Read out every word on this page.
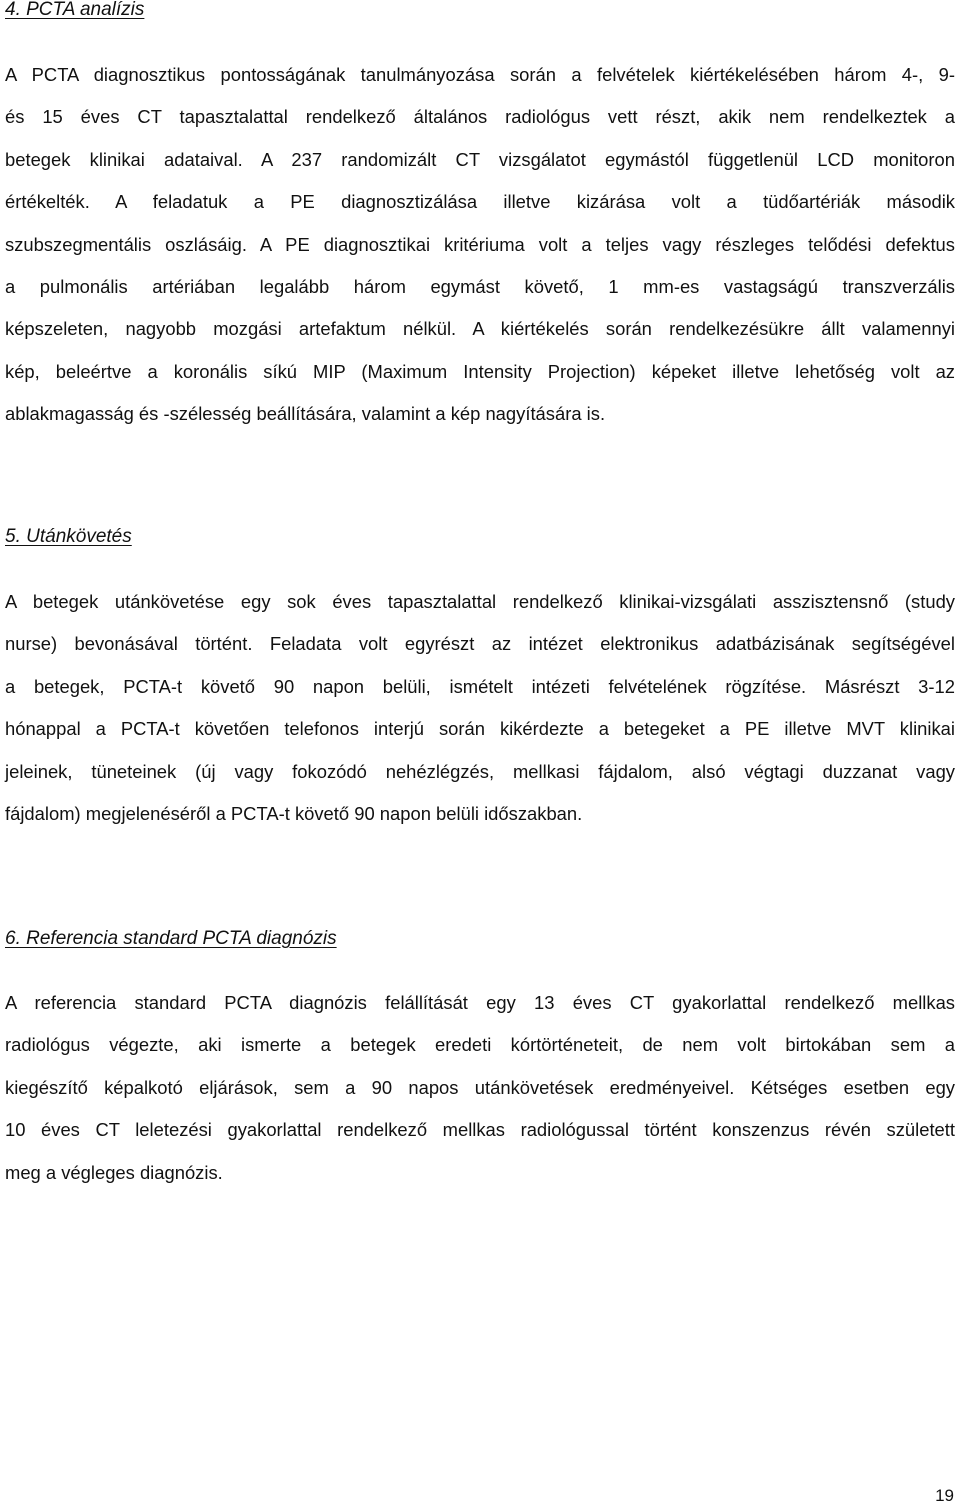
4. PCTA analízis
A PCTA diagnosztikus pontosságának tanulmányozása során a felvételek kiértékelésében három 4-, 9-
és 15 éves CT tapasztalattal rendelkező általános radiológus vett részt, akik nem rendelkeztek a
betegek klinikai adataival. A 237 randomizált CT vizsgálatot egymástól függetlenül LCD monitoron
értékelték. A feladatuk a PE diagnosztizálása illetve kizárása volt a tüdőartériák második
szubszegmentális oszlásáig. A PE diagnosztikai kritériuma volt a teljes vagy részleges telődési defektus
a pulmonális artériában legalább három egymást követő, 1 mm-es vastagságú transzverzális
képszeleten, nagyobb mozgási artefaktum nélkül. A kiértékelés során rendelkezésükre állt valamennyi
kép, beleértve a koronális síkú MIP (Maximum Intensity Projection) képeket illetve lehetőség volt az
ablakmagasság és -szélesség beállítására, valamint a kép nagyítására is.
5. Utánkövetés
A betegek utánkövetése egy sok éves tapasztalattal rendelkező klinikai-vizsgálati asszisztensnő (study
nurse) bevonásával történt. Feladata volt egyrészt az intézet elektronikus adatbázisának segítségével
a betegek, PCTA-t követő 90 napon belüli, ismételt intézeti felvételének rögzítése. Másrészt 3-12
hónappal a PCTA-t követően telefonos interjú során kikérdezte a betegeket a PE illetve MVT klinikai
jeleinek, tüneteinek (új vagy fokozódó nehézlégzés, mellkasi fájdalom, alsó végtagi duzzanat vagy
fájdalom) megjelenéséről a PCTA-t követő 90 napon belüli időszakban.
6. Referencia standard PCTA diagnózis
A referencia standard PCTA diagnózis felállítását egy 13 éves CT gyakorlattal rendelkező mellkas
radiológus végezte, aki ismerte a betegek eredeti kórtörténeteit, de nem volt birtokában sem a
kiegészítő képalkotó eljárások, sem a 90 napos utánkövetések eredményeivel. Kétséges esetben egy
10 éves CT leletezési gyakorlattal rendelkező mellkas radiológussal történt konszenzus révén született
meg a végleges diagnózis.

19
